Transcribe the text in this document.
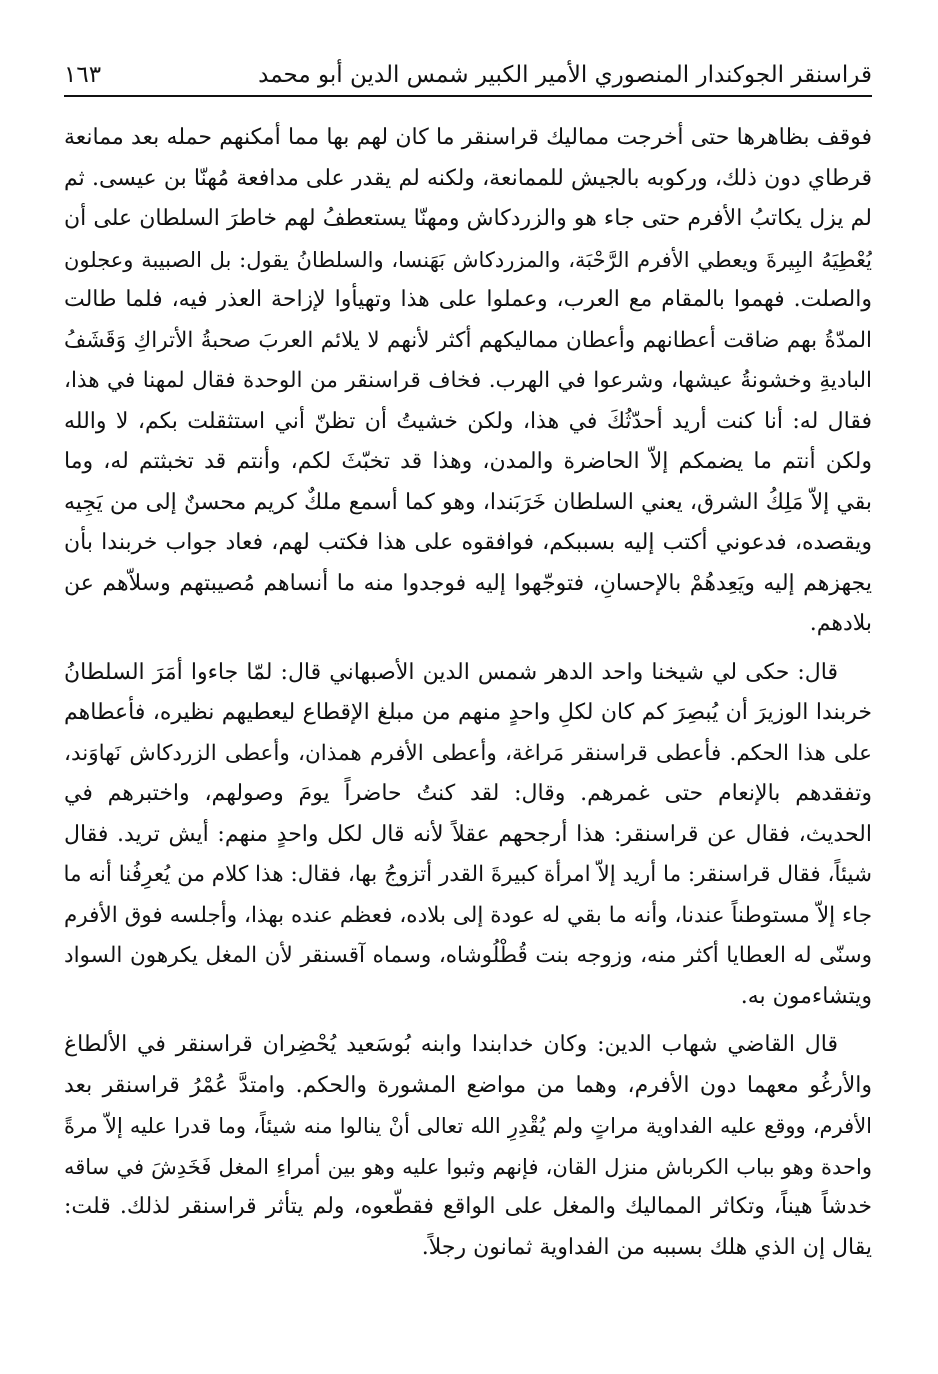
قراسنقر الجوكندار المنصوري الأمير الكبير شمس الدين أبو محمد
١٦٣

فوقف بظاهرها حتى أخرجت مماليك قراسنقر ما كان لهم بها مما أمكنهم حمله بعد ممانعة
قرطاي دون ذلك، وركوبه بالجيش للممانعة، ولكنه لم يقدر على مدافعة مُهنّا بن عيسى. ثم
لم يزل يكاتبُ الأفرم حتى جاء هو والزردكاش ومهنّا يستعطفُ لهم خاطرَ السلطان على أن
يُعْطِيَهُ البِيرةَ ويعطي الأفرم الرَّحْبَة، والمزردكاش بَهَنسا، والسلطانُ يقول: بل الصبيبة وعجلون
والصلت. فهموا بالمقام مع العرب، وعملوا على هذا وتهيأوا لإزاحة العذر فيه، فلما طالت
المدّةُ بهم ضاقت أعطانهم وأعطان مماليكهم أكثر لأنهم لا يلائم العربَ صحبةُ الأتراكِ وَقَشَفُ
الباديةِ وخشونةُ عيشها، وشرعوا في الهرب. فخاف قراسنقر من الوحدة فقال لمهنا في هذا،
فقال له: أنا كنت أريد أحدّثُكَ في هذا، ولكن خشيتُ أن تظنّ أني استثقلت بكم، لا والله
ولكن أنتم ما يضمكم إلاّ الحاضرة والمدن، وهذا قد تخبّثَ لكم، وأنتم قد تخبثتم له، وما
بقي إلاّ مَلِكُ الشرق، يعني السلطان خَرَبَندا، وهو كما أسمع ملكٌ كريم محسنٌ إلى من يَجِيه
ويقصده، فدعوني أكتب إليه بسببكم، فوافقوه على هذا فكتب لهم، فعاد جواب خربندا بأن
يجهزهم إليه ويَعِدهُمْ بالإحسانِ، فتوجّهوا إليه فوجدوا منه ما أنساهم مُصيبتهم وسلاّهم عن
بلادهم.

قال: حكى لي شيخنا واحد الدهر شمس الدين الأصبهاني قال: لمّا جاءوا أمَرَ السلطانُ
خربندا الوزيرَ أن يُبصِرَ كم كان لكلِ واحدٍ منهم من مبلغ الإقطاع ليعطيهم نظيره، فأعطاهم
على هذا الحكم. فأعطى قراسنقر مَراغة، وأعطى الأفرم همذان، وأعطى الزردكاش نَهاوَند،
وتفقدهم بالإنعام حتى غمرهم. وقال: لقد كنتُ حاضراً يومَ وصولهم، واختبرهم في
الحديث، فقال عن قراسنقر: هذا أرجحهم عقلاً لأنه قال لكل واحدٍ منهم: أيش تريد. فقال
شيئاً، فقال قراسنقر: ما أريد إلاّ امرأة كبيرةَ القدر أتزوجُ بها، فقال: هذا كلام من يُعرِفُنا أنه ما
جاء إلاّ مستوطناً عندنا، وأنه ما بقي له عودة إلى بلاده، فعظم عنده بهذا، وأجلسه فوق الأفرم
وسنّى له العطايا أكثر منه، وزوجه بنت قُطْلُوشاه، وسماه آقسنقر لأن المغل يكرهون السواد
ويتشاءمون به.

قال القاضي شهاب الدين: وكان خدابندا وابنه بُوسَعيد يُحْضِران قراسنقر في الألطاغ
والأرغُو معهما دون الأفرم، وهما من مواضع المشورة والحكم. وامتدَّ عُمْرُ قراسنقر بعد
الأفرم، ووقع عليه الفداوية مراتٍ ولم يُقْدِرِ الله تعالى أنْ ينالوا منه شيئاً، وما قدرا عليه إلاّ مرةً
واحدة وهو بباب الكرباش منزل القان، فإنهم وثبوا عليه وهو بين أمراءِ المغل فَخَدِشَ في ساقه
خدشاً هيناً، وتكاثر المماليك والمغل على الواقع فقطّعوه، ولم يتأثر قراسنقر لذلك. قلت:
يقال إن الذي هلك بسببه من الفداوية ثمانون رجلاً.
